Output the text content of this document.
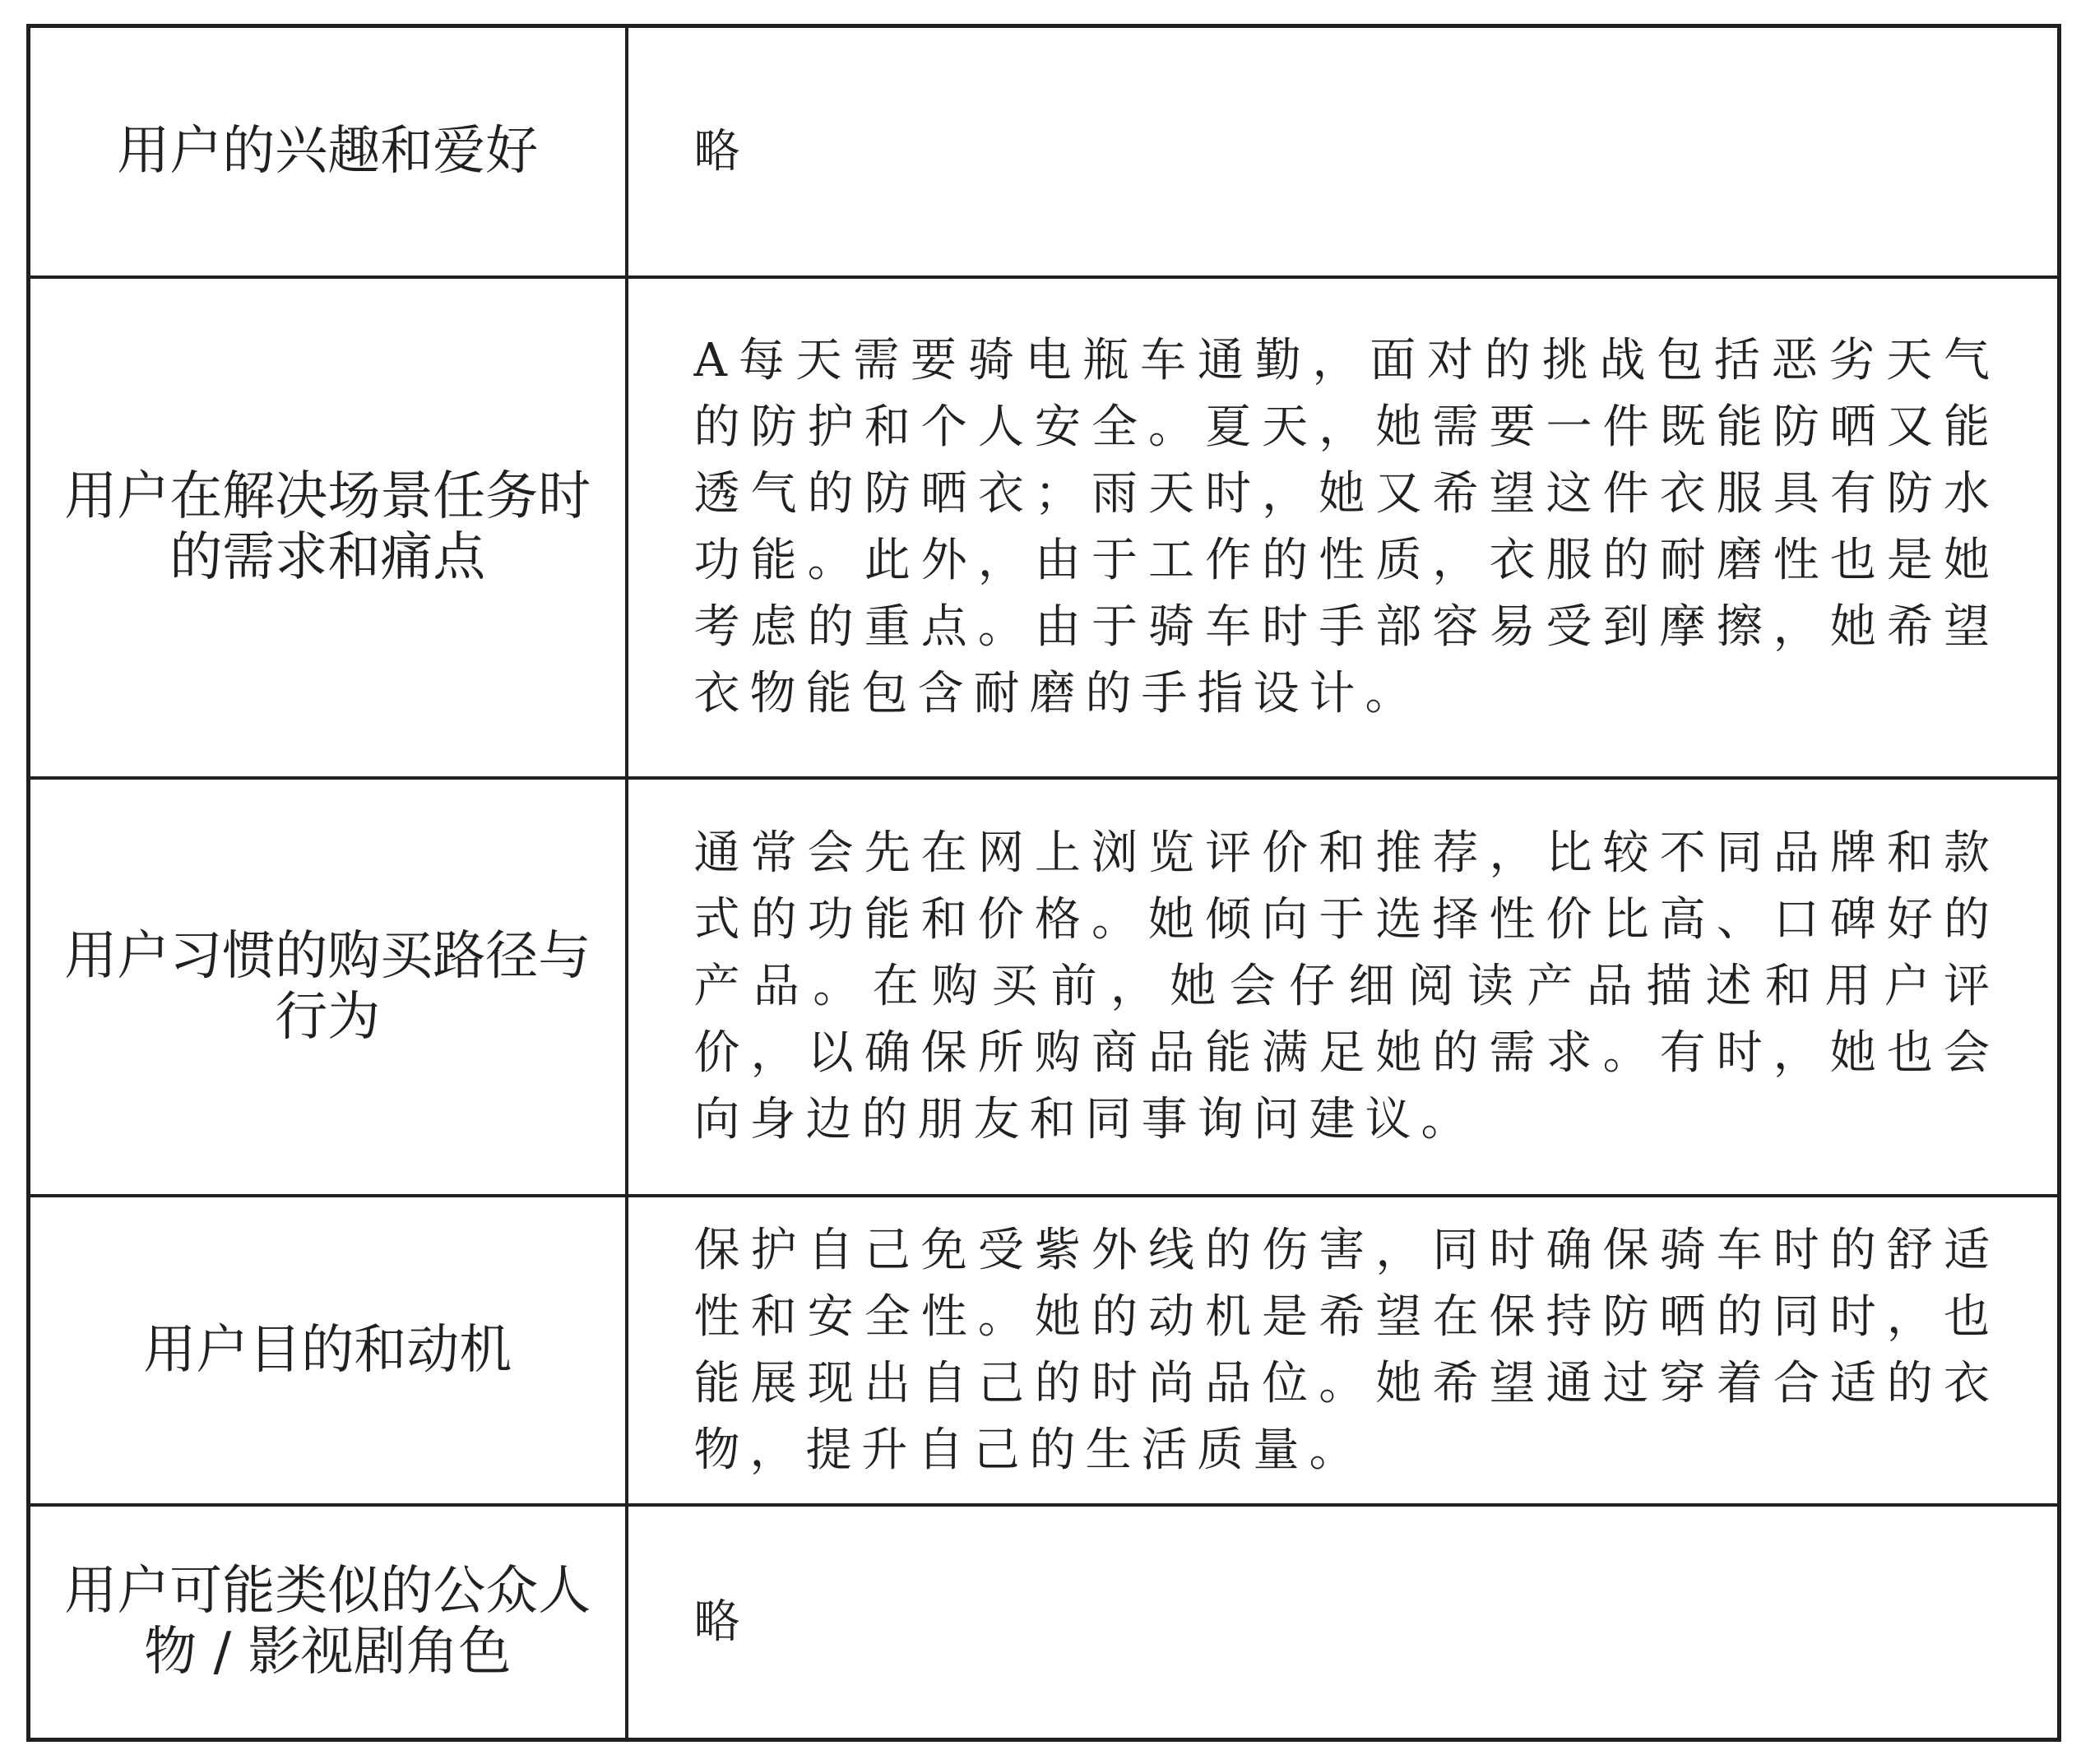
用户的兴趣和爱好	略
用户在解决场景任务时的需求和痛点	A每天需要骑电瓶车通勤，面对的挑战包括恶劣天气的防护和个人安全。夏天，她需要一件既能防晒又能透气的防晒衣；雨天时，她又希望这件衣服具有防水功能。此外，由于工作的性质，衣服的耐磨性也是她考虑的重点。由于骑车时手部容易受到摩擦，她希望衣物能包含耐磨的手指设计。
用户习惯的购买路径与行为	通常会先在网上浏览评价和推荐，比较不同品牌和款式的功能和价格。她倾向于选择性价比高、口碑好的产品。在购买前，她会仔细阅读产品描述和用户评价，以确保所购商品能满足她的需求。有时，她也会向身边的朋友和同事询问建议。
用户目的和动机	保护自己免受紫外线的伤害，同时确保骑车时的舒适性和安全性。她的动机是希望在保持防晒的同时，也能展现出自己的时尚品位。她希望通过穿着合适的衣物，提升自己的生活质量。
用户可能类似的公众人物 / 影视剧角色	略
